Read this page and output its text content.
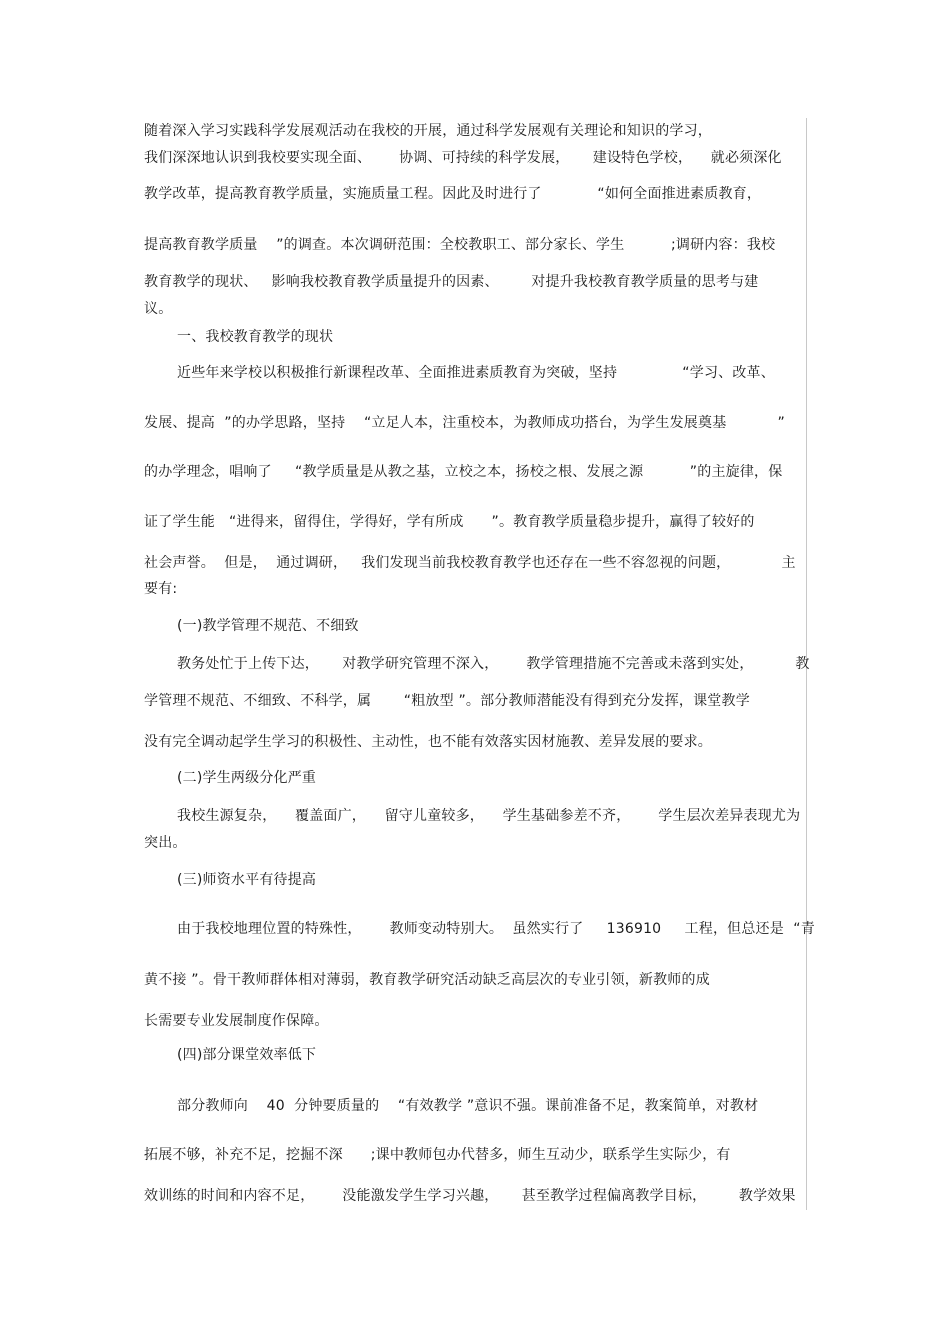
随着深入学习实践科学发展观活动在我校的开展，通过科学发展观有关理论和知识的学习，
我们深深地认识到我校要实现全面、      协调、可持续的科学发展，     建设特色学校，    就必须深化
教学改革，提高教育教学质量，实施质量工程。因此及时进行了            “如何全面推进素质教育，
提高教育教学质量    ”的调查。本次调研范围：全校教职工、部分家长、学生          ;调研内容：我校
教育教学的现状、   影响我校教育教学质量提升的因素、       对提升我校教育教学质量的思考与建
议。
一、我校教育教学的现状
近些年来学校以积极推行新课程改革、全面推进素质教育为突破，坚持              “学习、改革、
发展、提高  ”的办学思路，坚持    “立足人本，注重校本，为教师成功搭台，为学生发展奠基           ”
的办学理念，唱响了     “教学质量是从教之基，立校之本，扬校之根、发展之源          ”的主旋律，保
证了学生能   “进得来，留得住，学得好，学有所成      ”。教育教学质量稳步提升，赢得了较好的
社会声誉。  但是，  通过调研，   我们发现当前我校教育教学也还存在一些不容忽视的问题，           主
要有:
(一)教学管理不规范、不细致
教务处忙于上传下达，     对教学研究管理不深入，      教学管理措施不完善或未落到实处，         教
学管理不规范、不细致、不科学，属       “粗放型 ”。部分教师潜能没有得到充分发挥，课堂教学
没有完全调动起学生学习的积极性、主动性，也不能有效落实因材施教、差异发展的要求。
(二)学生两级分化严重
我校生源复杂，    覆盖面广，    留守儿童较多，    学生基础参差不齐，      学生层次差异表现尤为
突出。
(三)师资水平有待提高
由于我校地理位置的特殊性，      教师变动特别大。  虽然实行了     136910     工程，但总还是  “青
黄不接 ”。骨干教师群体相对薄弱，教育教学研究活动缺乏高层次的专业引领，新教师的成
长需要专业发展制度作保障。
(四)部分课堂效率低下
部分教师向    40  分钟要质量的    “有效教学 ”意识不强。课前准备不足，教案简单，对教材
拓展不够，补充不足，挖掘不深      ;课中教师包办代替多，师生互动少，联系学生实际少，有
效训练的时间和内容不足，      没能激发学生学习兴趣，     甚至教学过程偏离教学目标，       教学效果
